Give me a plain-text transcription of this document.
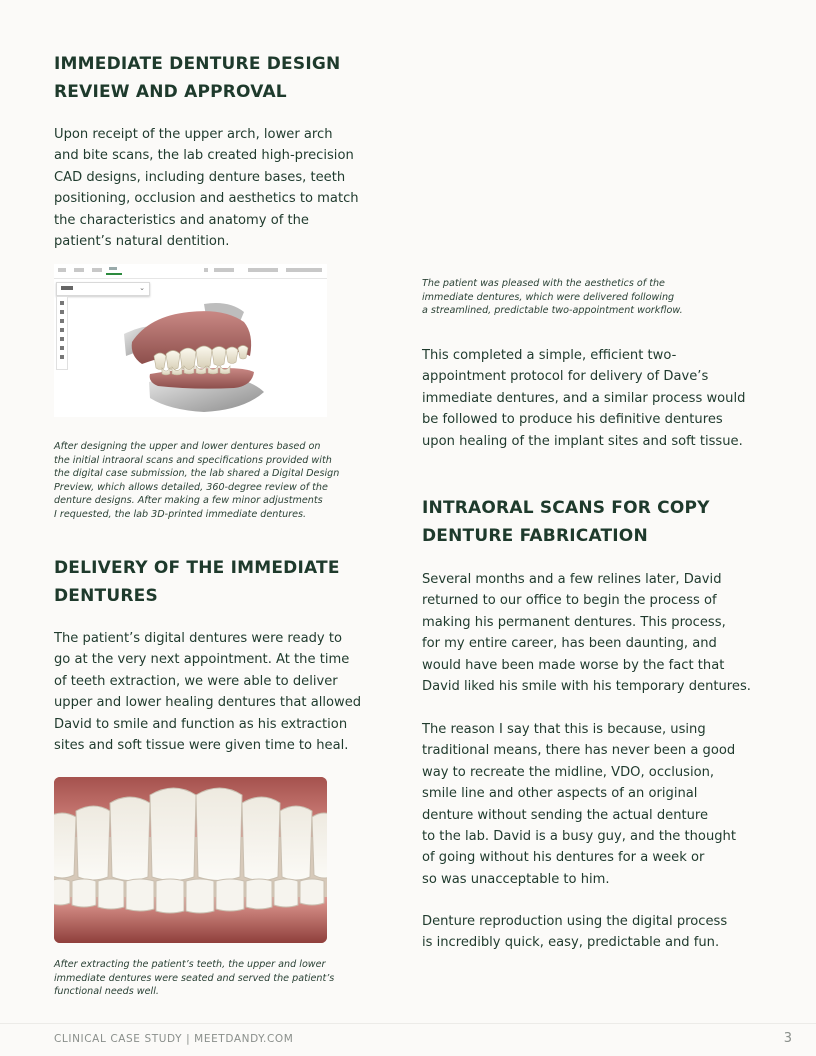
IMMEDIATE DENTURE DESIGN
REVIEW AND APPROVAL

Upon receipt of the upper arch, lower arch
and bite scans, the lab created high-precision
CAD designs, including denture bases, teeth
positioning, occlusion and aesthetics to match
the characteristics and anatomy of the
patient’s natural dentition.

⌄

After designing the upper and lower dentures based on
the initial intraoral scans and specifications provided with
the digital case submission, the lab shared a Digital Design
Preview, which allows detailed, 360-degree review of the
denture designs. After making a few minor adjustments
I requested, the lab 3D-printed immediate dentures.

DELIVERY OF THE IMMEDIATE
DENTURES

The patient’s digital dentures were ready to
go at the very next appointment. At the time
of teeth extraction, we were able to deliver
upper and lower healing dentures that allowed
David to smile and function as his extraction
sites and soft tissue were given time to heal.

After extracting the patient’s teeth, the upper and lower
immediate dentures were seated and served the patient’s
functional needs well.

The patient was pleased with the aesthetics of the
immediate dentures, which were delivered following
a streamlined, predictable two-appointment workflow.

This completed a simple, efficient two-
appointment protocol for delivery of Dave’s
immediate dentures, and a similar process would
be followed to produce his definitive dentures
upon healing of the implant sites and soft tissue.

INTRAORAL SCANS FOR COPY
DENTURE FABRICATION

Several months and a few relines later, David
returned to our office to begin the process of
making his permanent dentures. This process,
for my entire career, has been daunting, and
would have been made worse by the fact that
David liked his smile with his temporary dentures.

The reason I say that this is because, using
traditional means, there has never been a good
way to recreate the midline, VDO, occlusion,
smile line and other aspects of an original
denture without sending the actual denture
to the lab. David is a busy guy, and the thought
of going without his dentures for a week or
so was unacceptable to him.

Denture reproduction using the digital process
is incredibly quick, easy, predictable and fun.

CLINICAL CASE STUDY | MEETDANDY.COM	3
